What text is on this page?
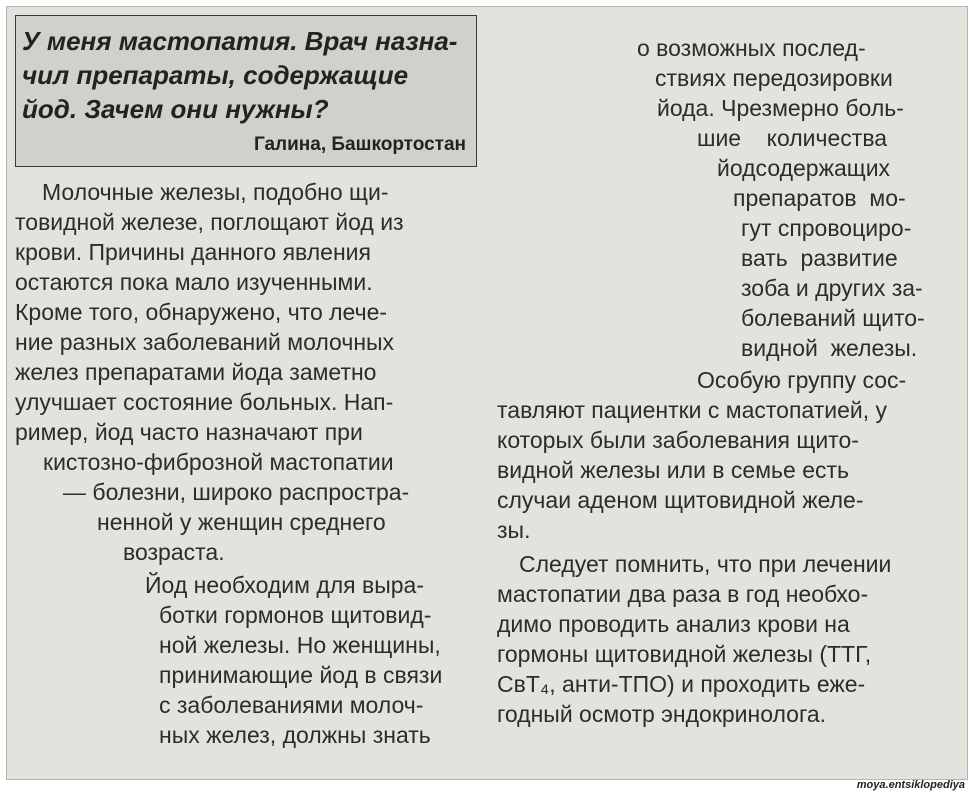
У меня мастопатия. Врач назна-
чил препараты, содержащие
йод. Зачем они нужны?
Галина, Башкортостан
Молочные железы, подобно щи-
товидной железе, поглощают йод из
крови. Причины данного явления
остаются пока мало изученными.
Кроме того, обнаружено, что лече-
ние разных заболеваний молочных
желез препаратами йода заметно
улучшает состояние больных. Нап-
ример, йод часто назначают при
кистозно-фиброзной мастопатии
— болезни, широко распростра-
ненной у женщин среднего
возраста.
Йод необходим для выра-
ботки гормонов щитовид-
ной железы. Но женщины,
принимающие йод в связи
с заболеваниями молоч-
ных желез, должны знать
о возможных послед-
ствиях передозировки
йода. Чрезмерно боль-
шие    количества
йодсодержащих
препаратов  мо-
гут спровоциро-
вать  развитие
зоба и других за-
болеваний щито-
видной  железы.
Особую группу сос-
тавляют пациентки с мастопатией, у
которых были заболевания щито-
видной железы или в семье есть
случаи аденом щитовидной желе-
зы.
Следует помнить, что при лечении
мастопатии два раза в год необхо-
димо проводить анализ крови на
гормоны щитовидной железы (ТТГ,
СвТ₄, анти-ТПО) и проходить еже-
годный осмотр эндокринолога.
moya.entsiklopediya
